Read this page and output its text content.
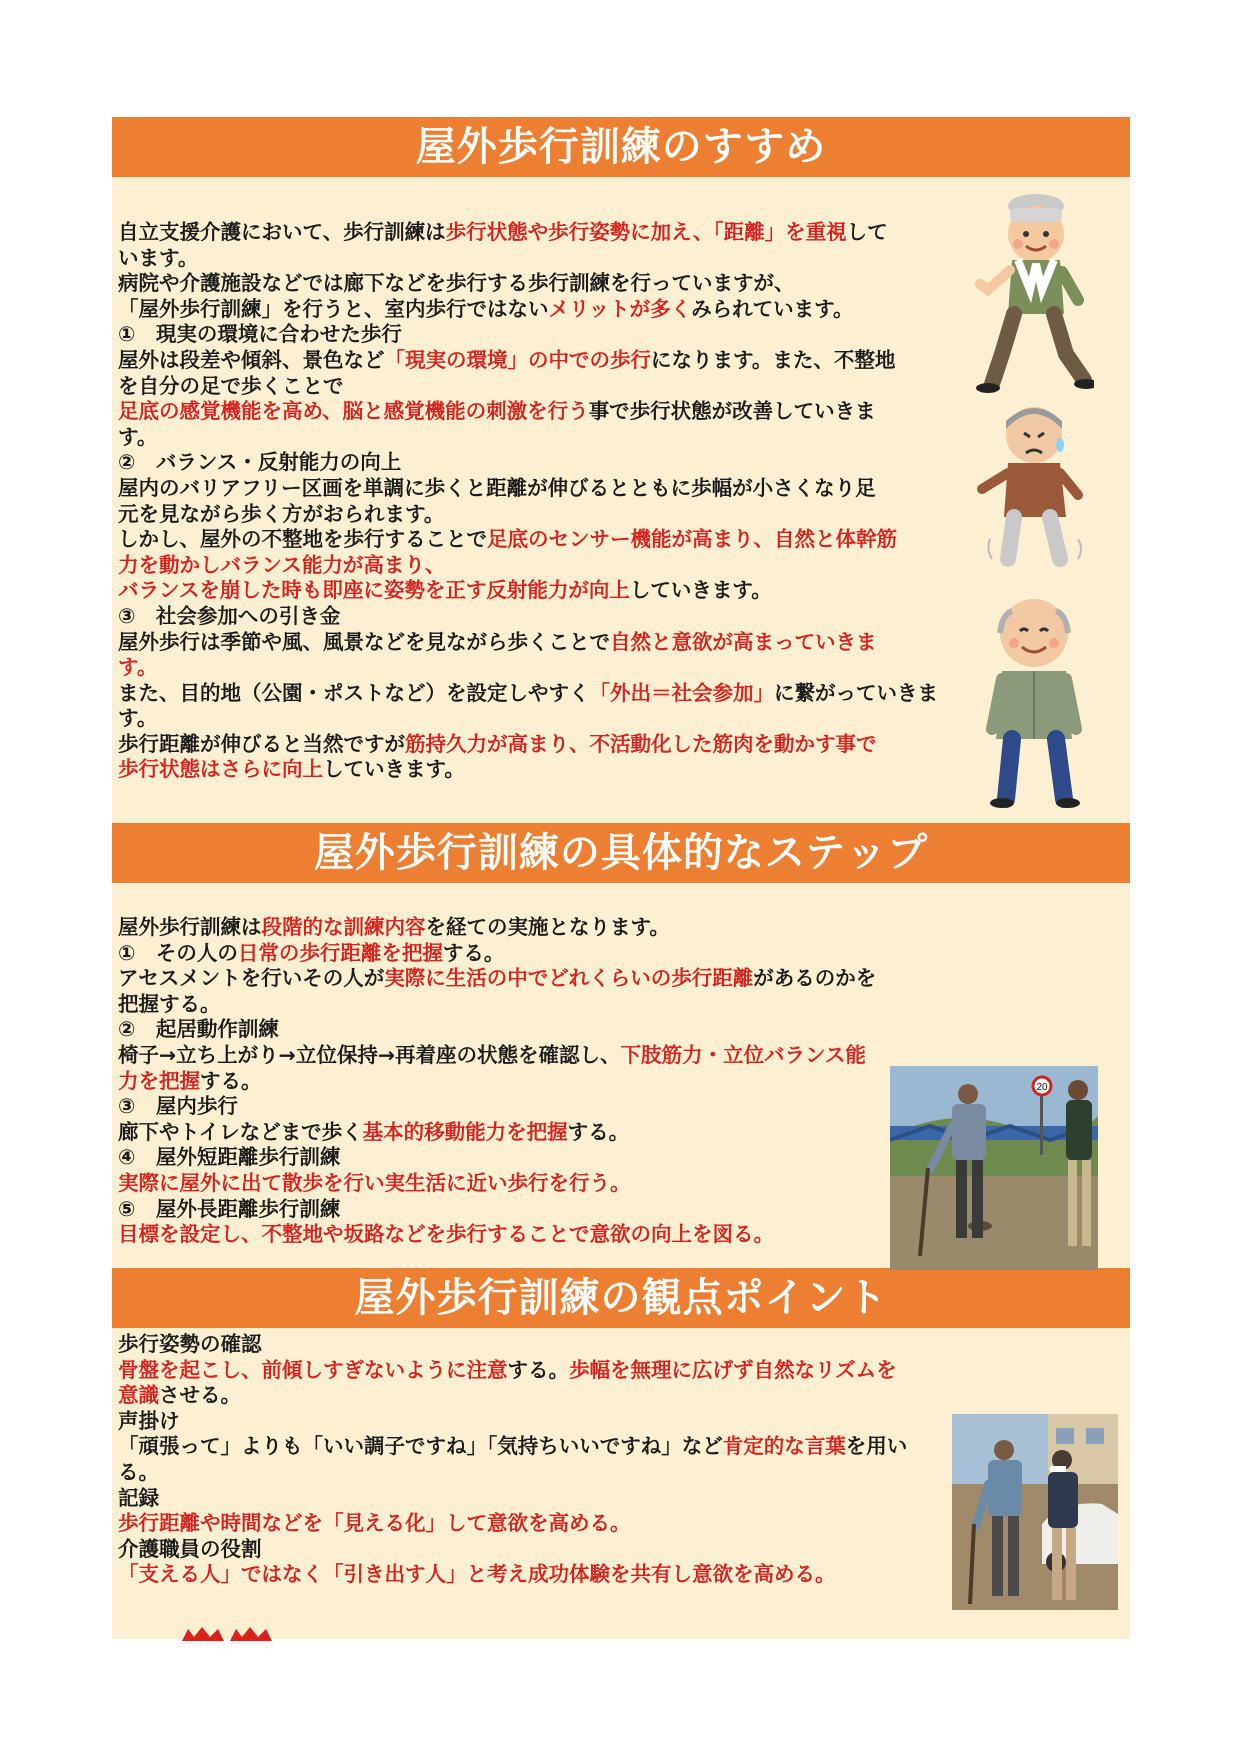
屋外歩行訓練のすすめ
自立支援介護において、歩行訓練は歩行状態や歩行姿勢に加え、「距離」を重視して
います。
病院や介護施設などでは廊下などを歩行する歩行訓練を行っていますが、
「屋外歩行訓練」を行うと、室内歩行ではないメリットが多くみられています。
①　現実の環境に合わせた歩行
屋外は段差や傾斜、景色など「現実の環境」の中での歩行になります。また、不整地
を自分の足で歩くことで
足底の感覚機能を高め、脳と感覚機能の刺激を行う事で歩行状態が改善していきま
す。
②　バランス・反射能力の向上
屋内のバリアフリー区画を単調に歩くと距離が伸びるとともに歩幅が小さくなり足
元を見ながら歩く方がおられます。
しかし、屋外の不整地を歩行することで足底のセンサー機能が高まり、自然と体幹筋
力を動かしバランス能力が高まり、
バランスを崩した時も即座に姿勢を正す反射能力が向上していきます。
③　社会参加への引き金
屋外歩行は季節や風、風景などを見ながら歩くことで自然と意欲が高まっていきま
す。
また、目的地（公園・ポストなど）を設定しやすく「外出＝社会参加」に繋がっていきま
す。
歩行距離が伸びると当然ですが筋持久力が高まり、不活動化した筋肉を動かす事で
歩行状態はさらに向上していきます。
屋外歩行訓練の具体的なステップ
屋外歩行訓練は段階的な訓練内容を経ての実施となります。
①　その人の日常の歩行距離を把握する。
アセスメントを行いその人が実際に生活の中でどれくらいの歩行距離があるのかを
把握する。
②　起居動作訓練
椅子→立ち上がり→立位保持→再着座の状態を確認し、下肢筋力・立位バランス能
力を把握する。
③　屋内歩行
廊下やトイレなどまで歩く基本的移動能力を把握する。
④　屋外短距離歩行訓練
実際に屋外に出て散歩を行い実生活に近い歩行を行う。
⑤　屋外長距離歩行訓練
目標を設定し、不整地や坂路などを歩行することで意欲の向上を図る。
屋外歩行訓練の観点ポイント
歩行姿勢の確認
骨盤を起こし、前傾しすぎないように注意する。歩幅を無理に広げず自然なリズムを
意識させる。
声掛け
「頑張って」よりも「いい調子ですね」「気持ちいいですね」など肯定的な言葉を用い
る。
記録
歩行距離や時間などを「見える化」して意欲を高める。
介護職員の役割
「支える人」ではなく「引き出す人」と考え成功体験を共有し意欲を高める。
20
